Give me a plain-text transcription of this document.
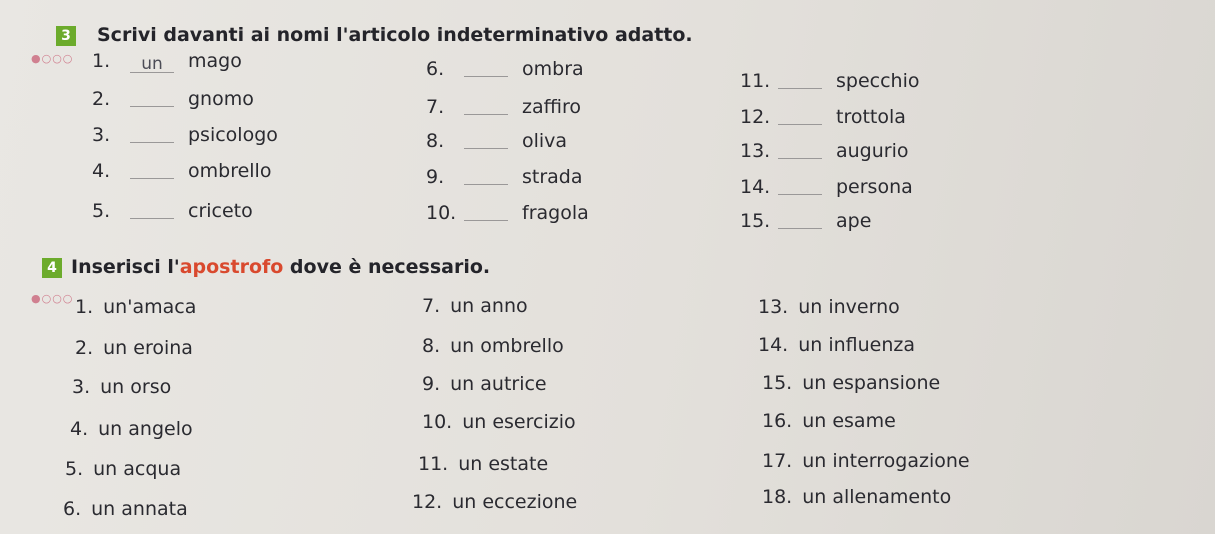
3 Scrivi davanti ai nomi l'articolo indeterminativo adatto.
●○○○ 1. un mago
2.	gnomo
3.	psicologo
4.	ombrello
5.	criceto
6.	ombra
7.	zaffiro
8.	oliva
9.	strada
10.	fragola
11.	specchio
12.	trottola
13.	augurio
14.	persona
15.	ape
4 Inserisci l'apostrofo dove è necessario.
●○○○ 1. un'amaca
2. un eroina
3. un orso
4. un angelo
5. un acqua
6. un annata
7. un anno
8. un ombrello
9. un autrice
10. un esercizio
11. un estate
12. un eccezione
13. un inverno
14. un influenza
15. un espansione
16. un esame
17. un interrogazione
18. un allenamento
